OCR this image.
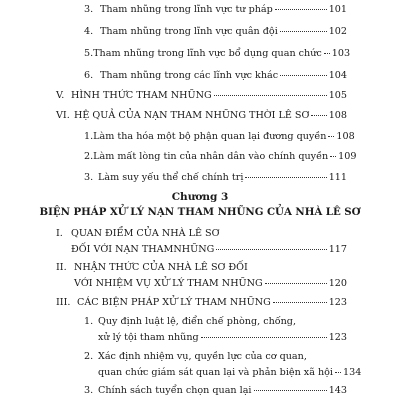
3. Tham nhũng trong lĩnh vực tư pháp	101
4. Tham nhũng trong lĩnh vực quân đội	102
5. Tham nhũng trong lĩnh vực bổ dụng quan chức 103
6. Tham nhũng trong các lĩnh vực khác	104
V. HÌNH THỨC THAM NHŨNG	105
VI. HỆ QUẢ CỦA NẠN THAM NHŨNG THỜI LÊ SƠ 108
1. Làm tha hóa một bộ phận quan lại đương quyền 108
2. Làm mất lòng tin của nhân dân vào chính quyền 109
3. Làm suy yếu thể chế chính trị	111
Chương 3
BIỆN PHÁP XỬ LÝ NẠN THAM NHŨNG CỦA NHÀ LÊ SƠ
I. QUAN ĐIỂM CỦA NHÀ LÊ SƠ
ĐỐI VỚI NẠN THAMNHŨNG	117
II. NHẬN THỨC CỦA NHÀ LÊ SƠ ĐỐI
VỚI NHIỆM VỤ XỬ LÝ THAM NHŨNG	120
III. CÁC BIỆN PHÁP XỬ LÝ THAM NHŨNG	123
1. Quy định luật lệ, điển chế phòng, chống,
xử lý tội tham nhũng	123
2. Xác định nhiệm vụ, quyền lực của cơ quan,
quan chức giám sát quan lại và phản biện xã hội 134
3. Chính sách tuyển chọn quan lại	143
